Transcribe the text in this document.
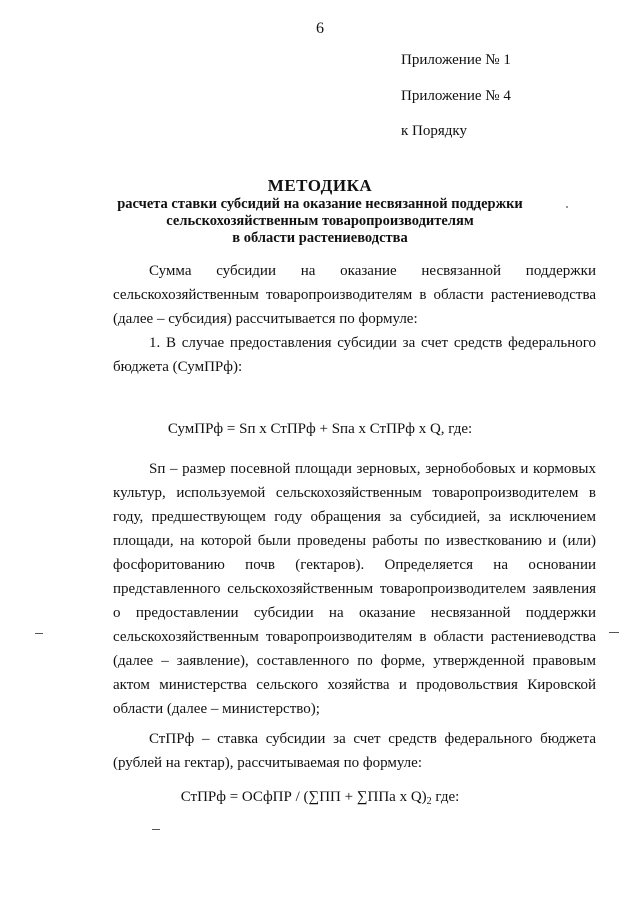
6
Приложение № 1
Приложение № 4
к Порядку
МЕТОДИКА
расчета ставки субсидий на оказание несвязанной поддержки
сельскохозяйственным товаропроизводителям
в области растениеводства

Сумма субсидии на оказание несвязанной поддержки сельскохозяйственным товаропроизводителям в области растениеводства (далее – субсидия) рассчитывается по формуле:

1. В случае предоставления субсидии за счет средств федерального бюджета (СумПРф):

СумПРф = Sп х СтПРф + Sпа х СтПРф х Q, где:

Sп – размер посевной площади зерновых, зернобобовых и кормовых культур, используемой сельскохозяйственным товаропроизводителем в году, предшествующем году обращения за субсидией, за исключением площади, на которой были проведены работы по известкованию и (или) фосфоритованию почв (гектаров). Определяется на основании представленного сельскохозяйственным товаропроизводителем заявления о предоставлении субсидии на оказание несвязанной поддержки сельскохозяйственным товаропроизводителям в области растениеводства (далее – заявление), составленного по форме, утвержденной правовым актом министерства сельского хозяйства и продовольствия Кировской области (далее – министерство);

СтПРф – ставка субсидии за счет средств федерального бюджета (рублей на гектар), рассчитываемая по формуле:

СтПРф = ОСфПР / (∑ПП + ∑ППа х $Q)_2$ где:
